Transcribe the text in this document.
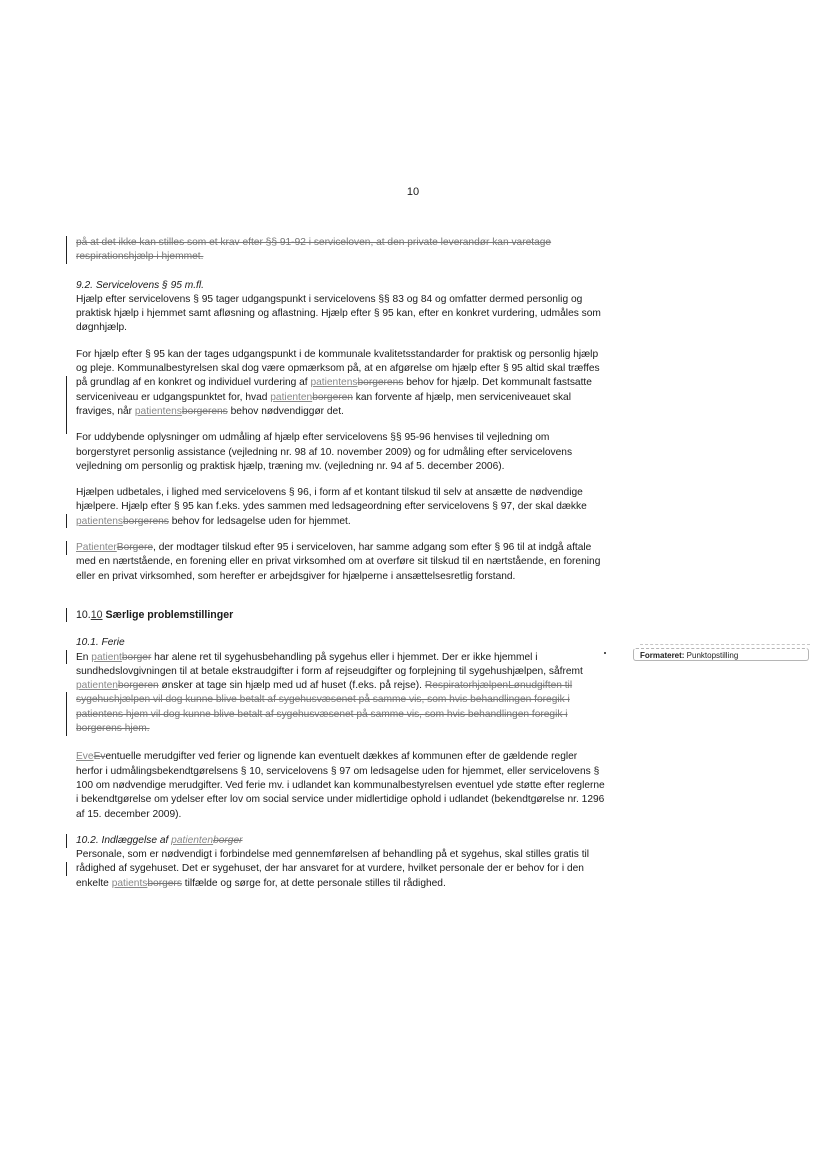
10

på at det ikke kan stilles som et krav efter §§ 91-92 i serviceloven, at den private leverandør kan varetage respirationshjælp i hjemmet.

9.2. Servicelovens § 95 m.fl.

Hjælp efter servicelovens § 95 tager udgangspunkt i servicelovens §§ 83 og 84 og omfatter dermed personlig og praktisk hjælp i hjemmet samt afløsning og aflastning. Hjælp efter § 95 kan, efter en konkret vurdering, udmåles som døgnhjælp.

For hjælp efter § 95 kan der tages udgangspunkt i de kommunale kvalitetsstandarder for praktisk og personlig hjælp og pleje. Kommunalbestyrelsen skal dog være opmærksom på, at en afgørelse om hjælp efter § 95 altid skal træffes på grundlag af en konkret og individuel vurdering af patientensborgerens behov for hjælp. Det kommunalt fastsatte serviceniveau er udgangspunktet for, hvad patientenborgeren kan forvente af hjælp, men serviceniveauet skal fraviges, når patientensborgerens behov nødvendiggør det.

For uddybende oplysninger om udmåling af hjælp efter servicelovens §§ 95-96 henvises til vejledning om borgerstyret personlig assistance (vejledning nr. 98 af 10. november 2009) og for udmåling efter servicelovens vejledning om personlig og praktisk hjælp, træning mv. (vejledning nr. 94 af 5. december 2006).

Hjælpen udbetales, i lighed med servicelovens § 96, i form af et kontant tilskud til selv at ansætte de nødvendige hjælpere. Hjælp efter § 95 kan f.eks. ydes sammen med ledsageordning efter servicelovens § 97, der skal dække patientensborgerens behov for ledsagelse uden for hjemmet.

PatienterBorgere, der modtager tilskud efter 95 i serviceloven, har samme adgang som efter § 96 til at indgå aftale med en nærtstående, en forening eller en privat virksomhed om at overføre sit tilskud til en nærtstående, en forening eller en privat virksomhed, som herefter er arbejdsgiver for hjælperne i ansættelsesretlig forstand.

10.10 Særlige problemstillinger

10.1. Ferie

En patientborger har alene ret til sygehusbehandling på sygehus eller i hjemmet. Der er ikke hjemmel i sundhedslovgivningen til at betale ekstraudgifter i form af rejseudgifter og forplejning til sygehushjælpen, såfremt patientenborgeren ønsker at tage sin hjælp med ud af huset (f.eks. på rejse). RespiratorhjælpenLønudgiften til sygehushjælpen vil dog kunne blive betalt af sygehusvæsenet på samme vis, som hvis behandlingen foregik i patientens hjem vil dog kunne blive betalt af sygehusvæsenet på samme vis, som hvis behandlingen foregik i borgerens hjem.

EveEventuelle merudgifter ved ferier og lignende kan eventuelt dækkes af kommunen efter de gældende regler herfor i udmålingsbekendtgørelsens § 10, servicelovens § 97 om ledsagelse uden for hjemmet, eller servicelovens § 100 om nødvendige merudgifter. Ved ferie mv. i udlandet kan kommunalbestyrelsen eventuel yde støtte efter reglerne i bekendtgørelse om ydelser efter lov om social service under midlertidige ophold i udlandet (bekendtgørelse nr. 1296 af 15. december 2009).

10.2. Indlæggelse af patientenborger

Personale, som er nødvendigt i forbindelse med gennemførelsen af behandling på et sygehus, skal stilles gratis til rådighed af sygehuset. Det er sygehuset, der har ansvaret for at vurdere, hvilket personale der er behov for i den enkelte patientsborgers tilfælde og sørge for, at dette personale stilles til rådighed.

Formateret: Punktopstilling
